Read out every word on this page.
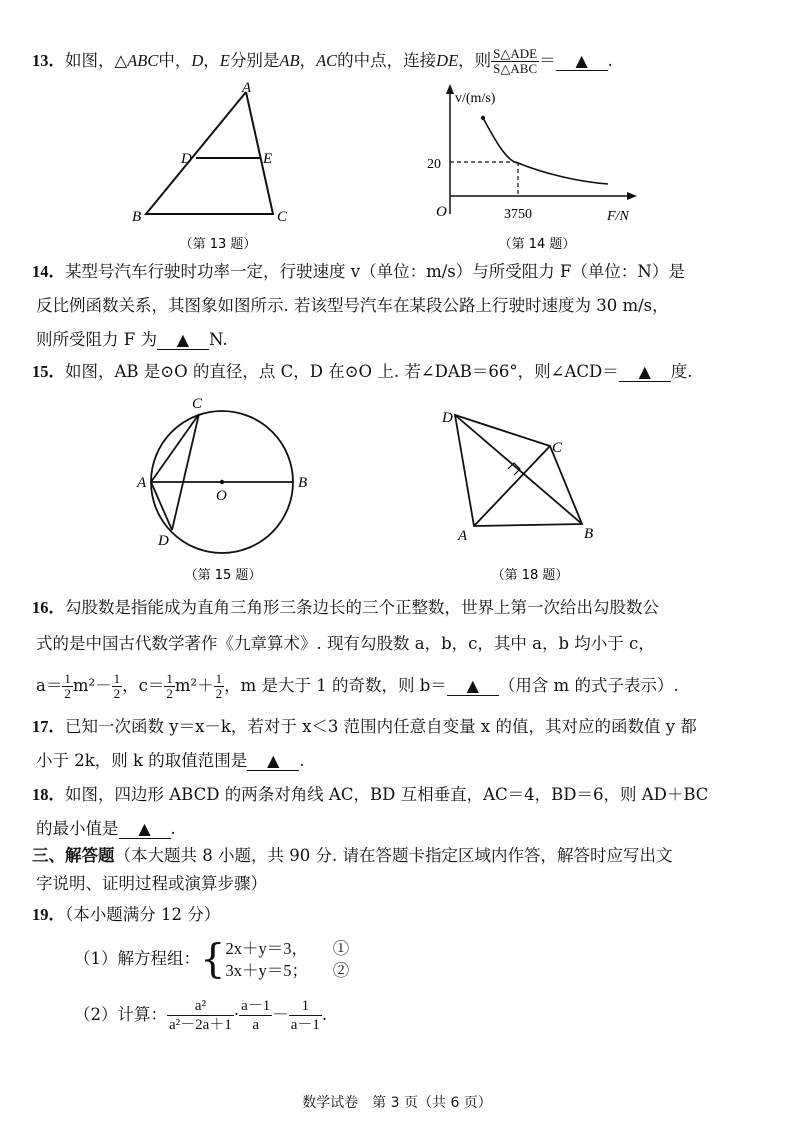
13．如图，△ABC中，D，E分别是AB，AC的中点，连接DE，则 $\frac{\text{S△ADE}}{\text{S△ABC}}$ ＝ ▲ .
A
B	C
D	E
（第 13 题）
v/(m/s)
F/N
O
20
3750
（第 14 题）
14．某型号汽车行驶时功率一定，行驶速度 v（单位：m/s）与所受阻力 F（单位：N）是
反比例函数关系，其图象如图所示. 若该型号汽车在某段公路上行驶时速度为 30 m/s，
则所受阻力 F 为 ▲ N.
15．如图，AB 是⊙O 的直径，点 C，D 在⊙O 上. 若∠DAB＝66°，则∠ACD＝ ▲ 度.
A	B
C
D
O
（第 15 题）
D
C
A	B
（第 18 题）
16．勾股数是指能成为直角三角形三条边长的三个正整数，世界上第一次给出勾股数公
式的是中国古代数学著作《九章算术》. 现有勾股数 a，b，c，其中 a，b 均小于 c，
$a= \frac{1}{2} m^2- \frac{1}{2}$ ，$c= \frac{1}{2} m^2+ \frac{1}{2}$ ，m 是大于 1 的奇数，则 b＝ ▲ （用含 m 的式子表示）.
17．已知一次函数 y＝x－k，若对于 x＜3 范围内任意自变量 x 的值，其对应的函数值 y 都
小于 2k，则 k 的取值范围是 ▲ .
18．如图，四边形 ABCD 的两条对角线 AC，BD 互相垂直，AC＝4，BD＝6，则 AD＋BC
的最小值是 ▲ .
三、解答题（本大题共 8 小题，共 90 分. 请在答题卡指定区域内作答，解答时应写出文
字说明、证明过程或演算步骤）
19．（本小题满分 12 分）
（1）解方程组：{ 2x＋y＝3，　　 ①
3x＋y＝5；　　 ②
（2）计算： $\frac{\text{a²}}{\text{a²－2a＋1}} \cdot \frac{a-1}{a} - \frac{1}{a-1}$ .
数学试卷　第 3 页（共 6 页）
